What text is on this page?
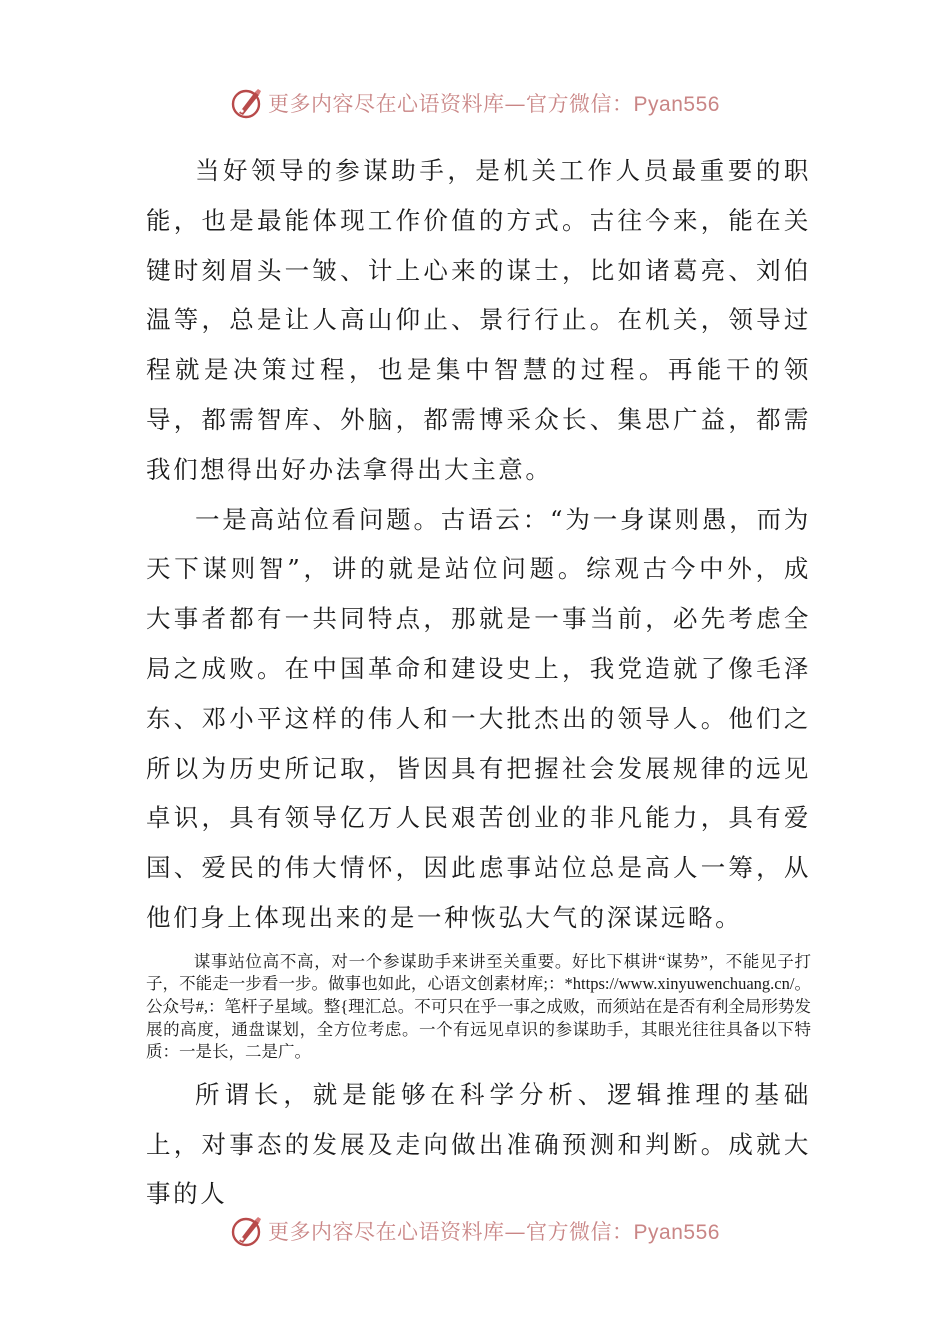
更多内容尽在心语资料库—官方微信：Pyan556

当好领导的参谋助手，是机关工作人员最重要的职能，也是最能体现工作价值的方式。古往今来，能在关键时刻眉头一皱、计上心来的谋士，比如诸葛亮、刘伯温等，总是让人高山仰止、景行行止。在机关，领导过程就是决策过程，也是集中智慧的过程。再能干的领导，都需智库、外脑，都需博采众长、集思广益，都需我们想得出好办法拿得出大主意。

一是高站位看问题。古语云：“为一身谋则愚，而为天下谋则智”，讲的就是站位问题。综观古今中外，成大事者都有一共同特点，那就是一事当前，必先考虑全局之成败。在中国革命和建设史上，我党造就了像毛泽东、邓小平这样的伟人和一大批杰出的领导人。他们之所以为历史所记取，皆因具有把握社会发展规律的远见卓识，具有领导亿万人民艰苦创业的非凡能力，具有爱国、爱民的伟大情怀，因此虑事站位总是高人一筹，从他们身上体现出来的是一种恢弘大气的深谋远略。

谋事站位高不高，对一个参谋助手来讲至关重要。好比下棋讲“谋势”，不能见子打子，不能走一步看一步。做事也如此，心语文创素材库;：*https://www.xinyuwenchuang.cn/。公众号#,：笔杆子星域。整{理汇总。不可只在乎一事之成败，而须站在是否有利全局形势发展的高度，通盘谋划，全方位考虑。一个有远见卓识的参谋助手，其眼光往往具备以下特质：一是长，二是广。

所谓长，就是能够在科学分析、逻辑推理的基础上，对事态的发展及走向做出准确预测和判断。成就大事的人

更多内容尽在心语资料库—官方微信：Pyan556
